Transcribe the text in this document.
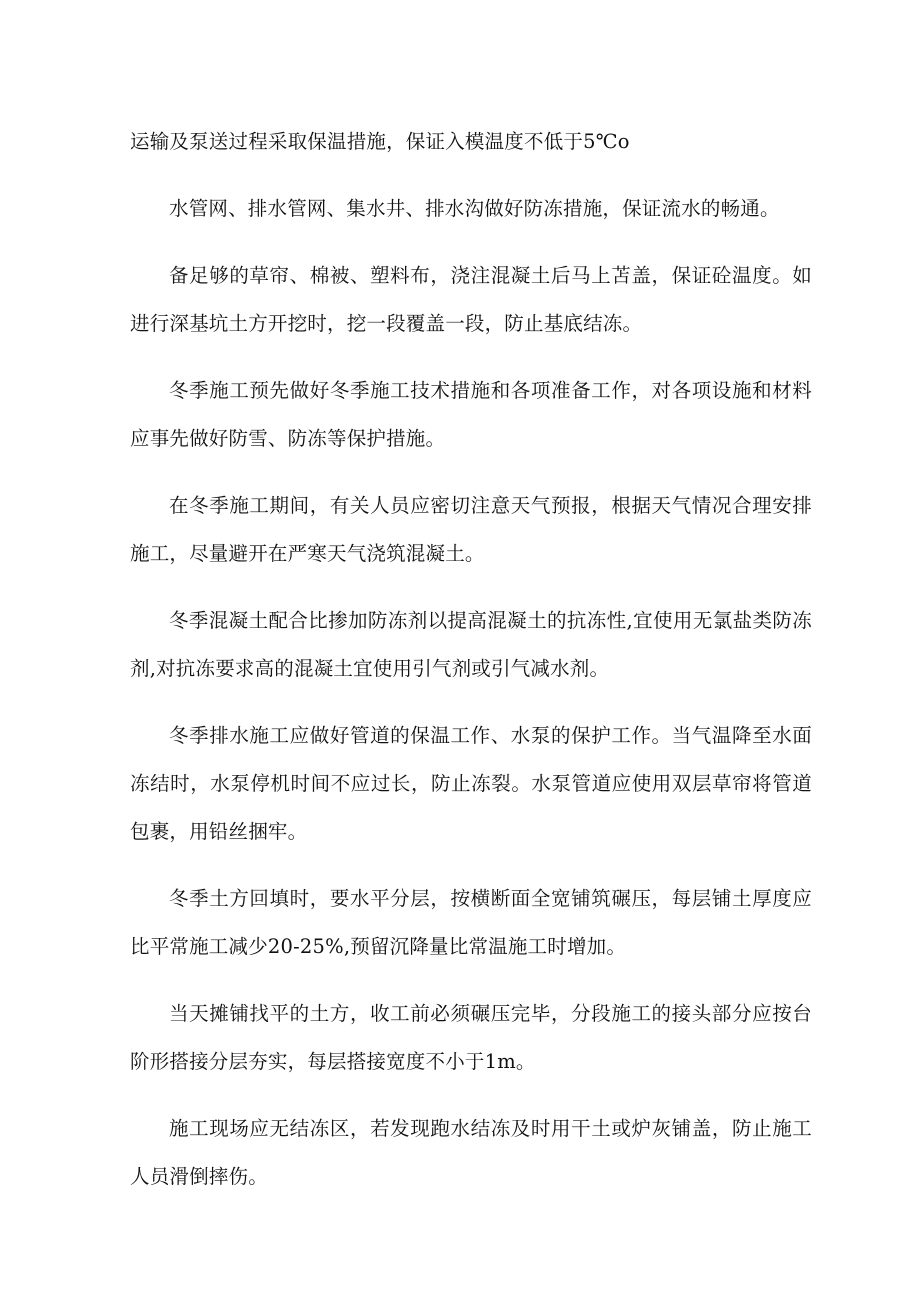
运输及泵送过程采取保温措施，保证入模温度不低于5℃o

水管网、排水管网、集水井、排水沟做好防冻措施，保证流水的畅通。

备足够的草帘、棉被、塑料布，浇注混凝土后马上苫盖，保证砼温度。如进行深基坑土方开挖时，挖一段覆盖一段，防止基底结冻。

冬季施工预先做好冬季施工技术措施和各项准备工作，对各项设施和材料应事先做好防雪、防冻等保护措施。

在冬季施工期间，有关人员应密切注意天气预报，根据天气情况合理安排施工，尽量避开在严寒天气浇筑混凝土。

冬季混凝土配合比掺加防冻剂以提高混凝土的抗冻性,宜使用无氯盐类防冻剂,对抗冻要求高的混凝土宜使用引气剂或引气减水剂。

冬季排水施工应做好管道的保温工作、水泵的保护工作。当气温降至水面冻结时，水泵停机时间不应过长，防止冻裂。水泵管道应使用双层草帘将管道包裹，用铅丝捆牢。

冬季土方回填时，要水平分层，按横断面全宽铺筑碾压，每层铺土厚度应比平常施工减少20-25%,预留沉降量比常温施工时增加。

当天摊铺找平的土方，收工前必须碾压完毕，分段施工的接头部分应按台阶形搭接分层夯实，每层搭接宽度不小于1m。

施工现场应无结冻区，若发现跑水结冻及时用干土或炉灰铺盖，防止施工人员滑倒摔伤。
